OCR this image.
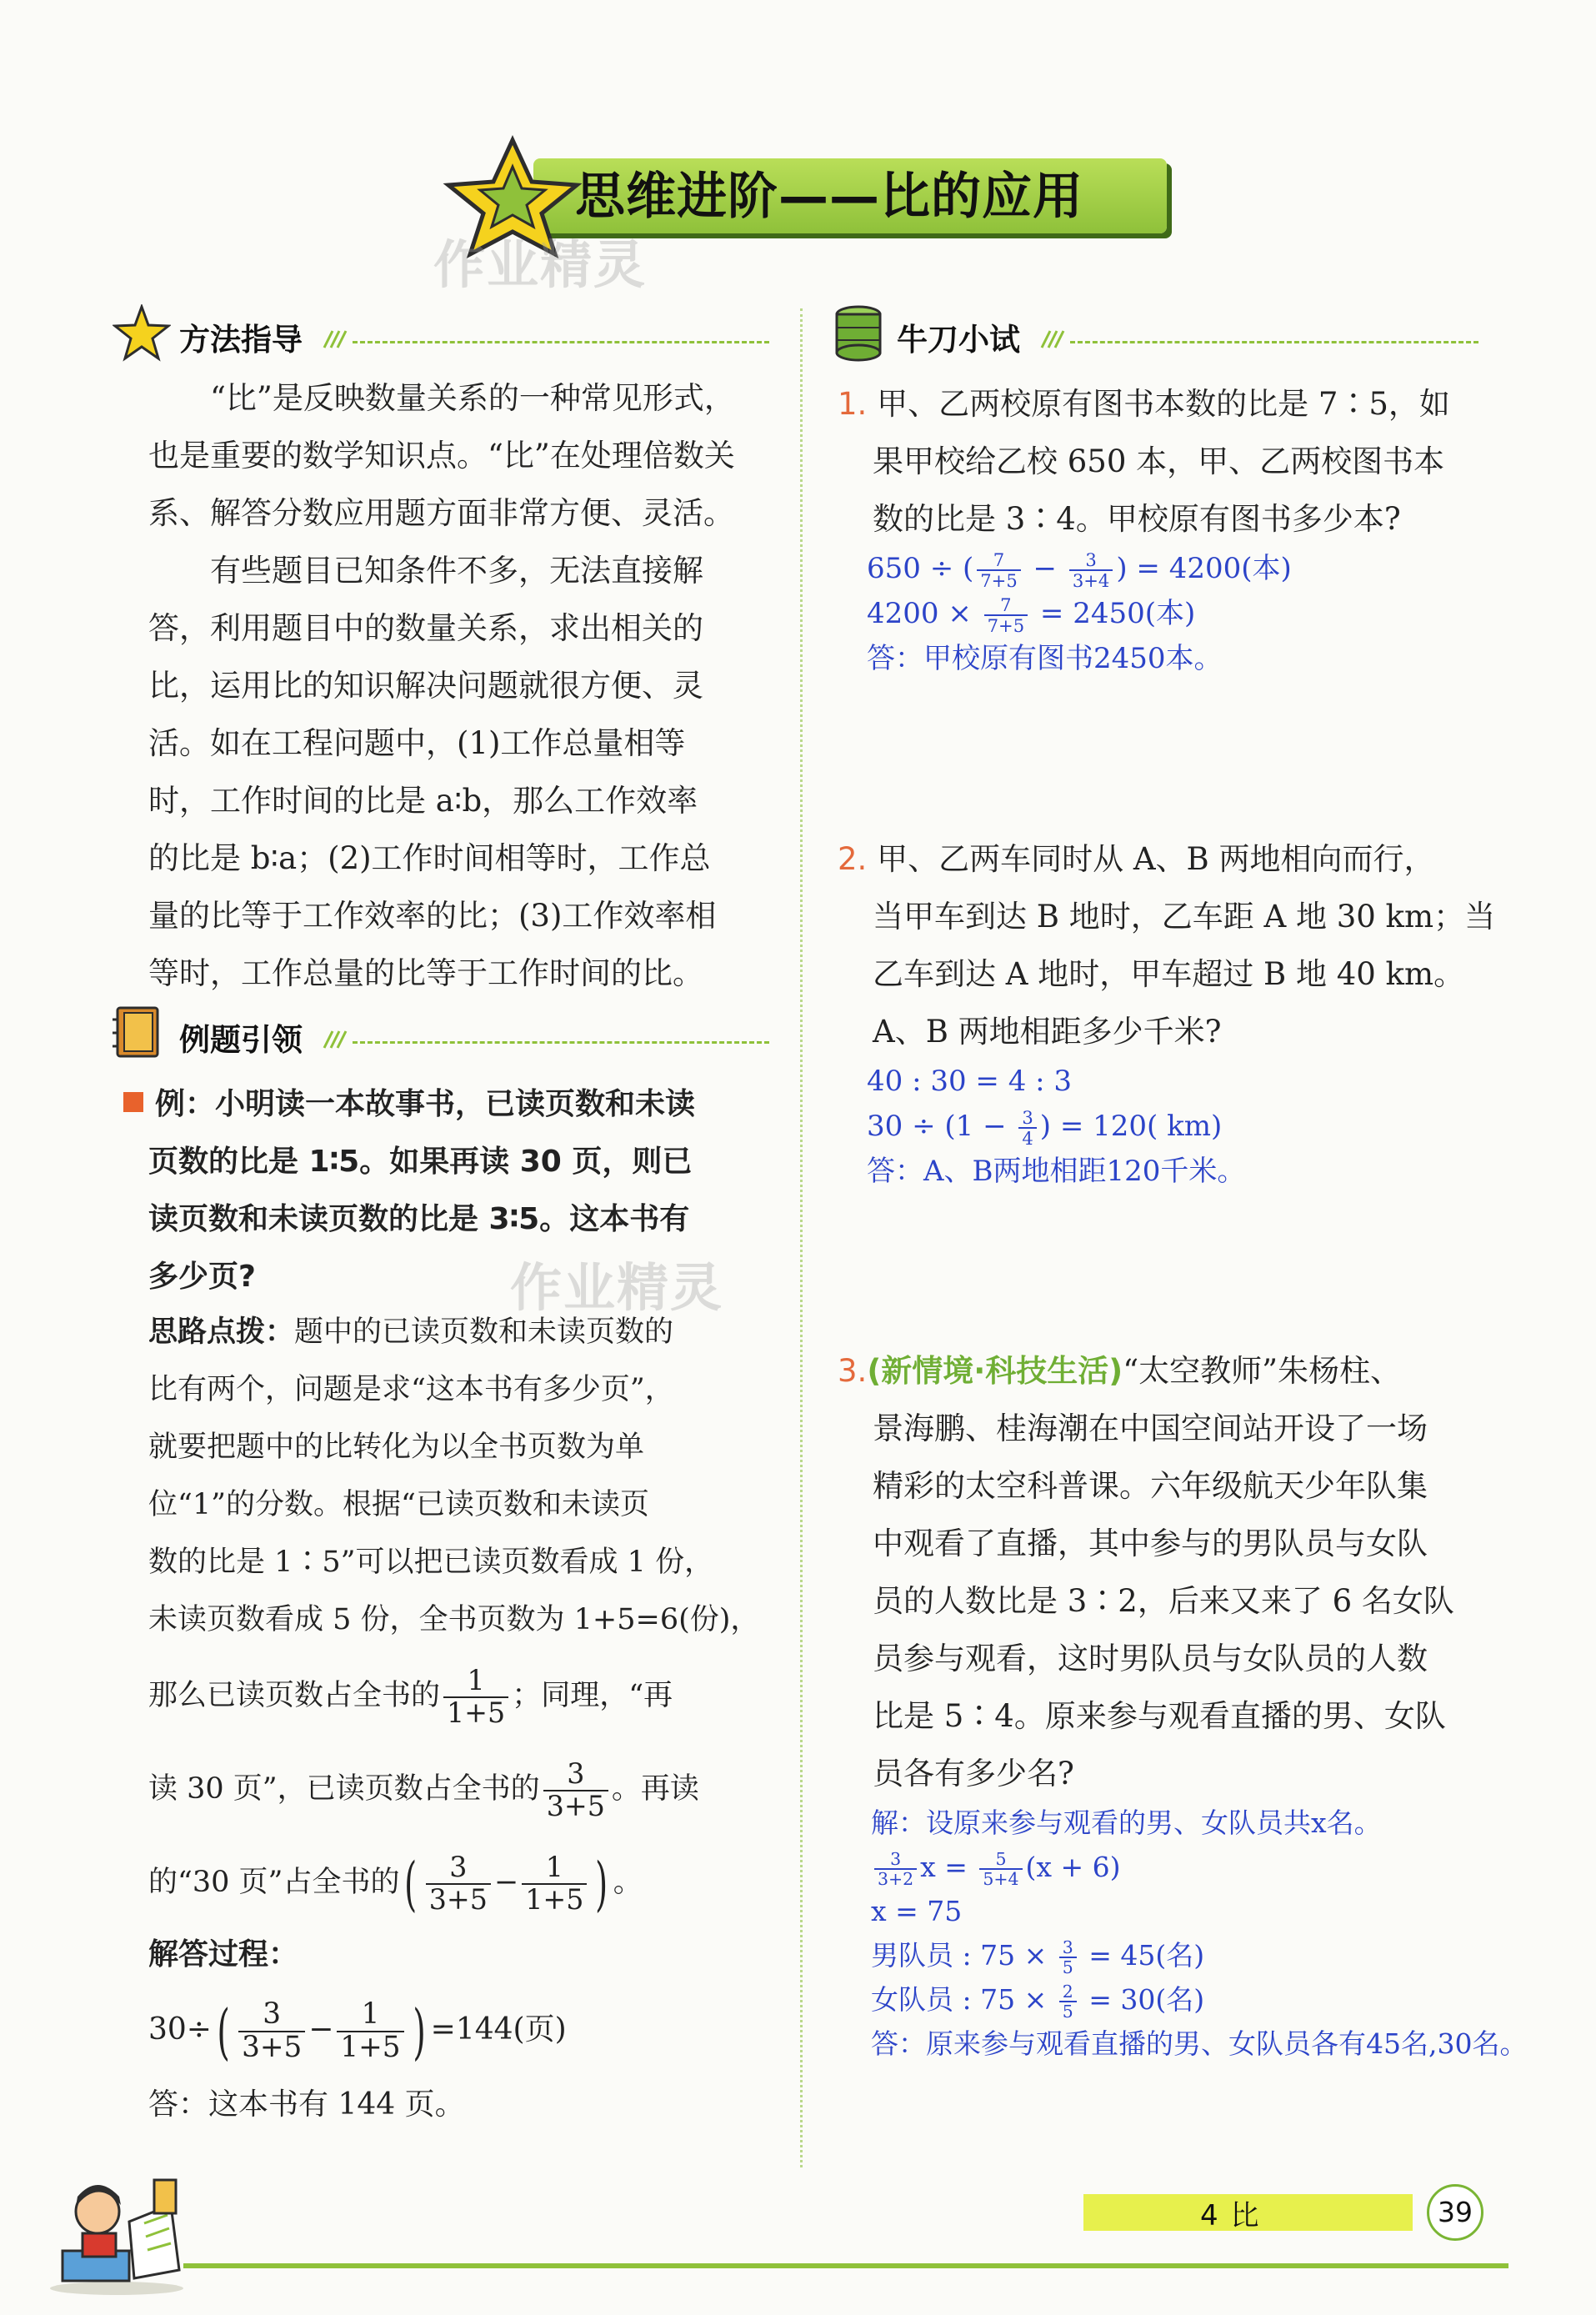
思维进阶——比的应用
作业精灵
作业精灵
方法指导
“比”是反映数量关系的一种常见形式，
也是重要的数学知识点。“比”在处理倍数关
系、解答分数应用题方面非常方便、灵活。
有些题目已知条件不多，无法直接解
答，利用题目中的数量关系，求出相关的
比，运用比的知识解决问题就很方便、灵
活。如在工程问题中，(1)工作总量相等
时，工作时间的比是 a∶b，那么工作效率
的比是 b∶a；(2)工作时间相等时，工作总
量的比等于工作效率的比；(3)工作效率相
等时，工作总量的比等于工作时间的比。
例题引领
例：小明读一本故事书，已读页数和未读
页数的比是 1∶5。如果再读 30 页，则已
读页数和未读页数的比是 3∶5。这本书有
多少页?
思路点拨：题中的已读页数和未读页数的
比有两个，问题是求“这本书有多少页”，
就要把题中的比转化为以全书页数为单
位“1”的分数。根据“已读页数和未读页
数的比是 1∶5”可以把已读页数看成 1 份，
未读页数看成 5 份，全书页数为 1+5=6(份)，
那么已读页数占全书的 $\frac{1}{1+5}$ ；同理，“再
读 30 页”，已读页数占全书的 $\frac{3}{3+5}$ 。再读
的“30 页”占全书的( $\frac{3}{3+5} - \frac{1}{1+5}$ ) 。
解答过程：
$30\div( \frac{3}{3+5} - \frac{1}{1+5}$ ) =144(页)
答：这本书有 144 页。
牛刀小试
1. 甲、乙两校原有图书本数的比是 7∶5，如
果甲校给乙校 650 本，甲、乙两校图书本
数的比是 3∶4。甲校原有图书多少本?
650 ÷ ( $\frac{7}{7+5} - \frac{3}{3+4}$ ) = 4200(本)
$4200 \times \frac{7}{7+5} = 2450$(本)
答：甲校原有图书2450本。
2. 甲、乙两车同时从 A、B 两地相向而行，
当甲车到达 B 地时，乙车距 A 地 30 km；当
乙车到达 A 地时，甲车超过 B 地 40 km。
A、B 两地相距多少千米?
40 : 30 = 4 : 3
$30 \div (1 - \frac{3}{4}$ ) = 120( km)
答：A、B两地相距120千米。
3.(新情境·科技生活)“太空教师”朱杨柱、
景海鹏、桂海潮在中国空间站开设了一场
精彩的太空科普课。六年级航天少年队集
中观看了直播，其中参与的男队员与女队
员的人数比是 3∶2，后来又来了 6 名女队
员参与观看，这时男队员与女队员的人数
比是 5∶4。原来参与观看直播的男、女队
员各有多少名?
解：设原来参与观看的男、女队员共x名。
$\frac{3}{3+2}$ $x = \frac{5}{5+4} (x + 6)$
x = 75
男队员 : $75 \times \frac{3}{5} = 45$(名)
女队员 : $75 \times \frac{2}{5} = 30$(名)
答：原来参与观看直播的男、女队员各有45名,30名。
4 比	39
